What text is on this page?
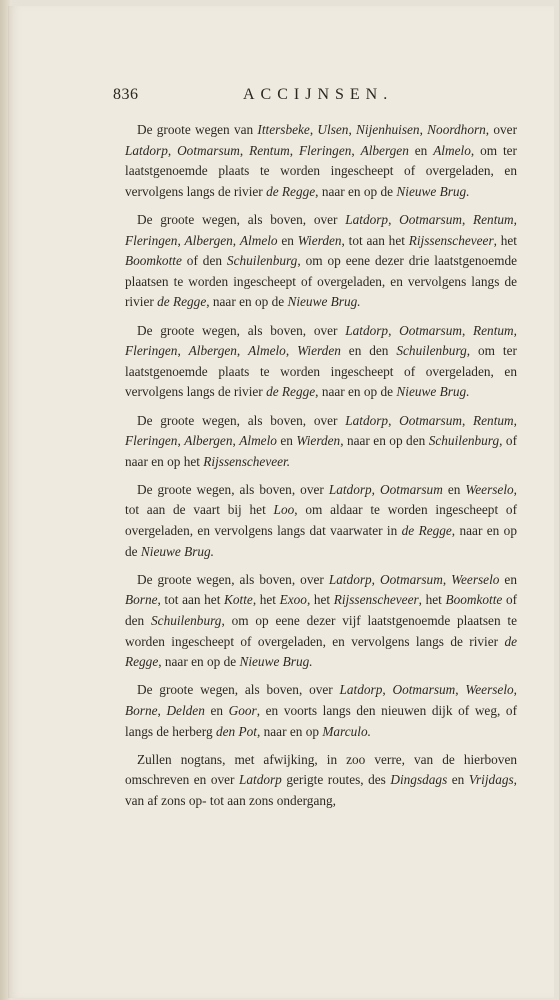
836	ACCIJNSEN.

De groote wegen van Ittersbeke, Ulsen, Nijenhuisen, Noordhorn, over Latdorp, Ootmarsum, Rentum, Fleringen, Albergen en Almelo, om ter laatstgenoemde plaats te worden ingescheept of overgeladen, en vervolgens langs de rivier de Regge, naar en op de Nieuwe Brug.

De groote wegen, als boven, over Latdorp, Ootmarsum, Rentum, Fleringen, Albergen, Almelo en Wierden, tot aan het Rijssenscheveer, het Boomkotte of den Schuilenburg, om op eene dezer drie laatstgenoemde plaatsen te worden ingescheept of overgeladen, en vervolgens langs de rivier de Regge, naar en op de Nieuwe Brug.

De groote wegen, als boven, over Latdorp, Ootmarsum, Rentum, Fleringen, Albergen, Almelo, Wierden en den Schuilenburg, om ter laatstgenoemde plaats te worden ingescheept of overgeladen, en vervolgens langs de rivier de Regge, naar en op de Nieuwe Brug.

De groote wegen, als boven, over Latdorp, Ootmarsum, Rentum, Fleringen, Albergen, Almelo en Wierden, naar en op den Schuilenburg, of naar en op het Rijssenscheveer.

De groote wegen, als boven, over Latdorp, Ootmarsum en Weerselo, tot aan de vaart bij het Loo, om aldaar te worden ingescheept of overgeladen, en vervolgens langs dat vaarwater in de Regge, naar en op de Nieuwe Brug.

De groote wegen, als boven, over Latdorp, Ootmarsum, Weerselo en Borne, tot aan het Kotte, het Exoo, het Rijssenscheveer, het Boomkotte of den Schuilenburg, om op eene dezer vijf laatstgenoemde plaatsen te worden ingescheept of overgeladen, en vervolgens langs de rivier de Regge, naar en op de Nieuwe Brug.

De groote wegen, als boven, over Latdorp, Ootmarsum, Weerselo, Borne, Delden en Goor, en voorts langs den nieuwen dijk of weg, of langs de herberg den Pot, naar en op Marculo.

Zullen nogtans, met afwijking, in zoo verre, van de hierboven omschreven en over Latdorp gerigte routes, des Dingsdags en Vrijdags, van af zons op- tot aan zons ondergang,
